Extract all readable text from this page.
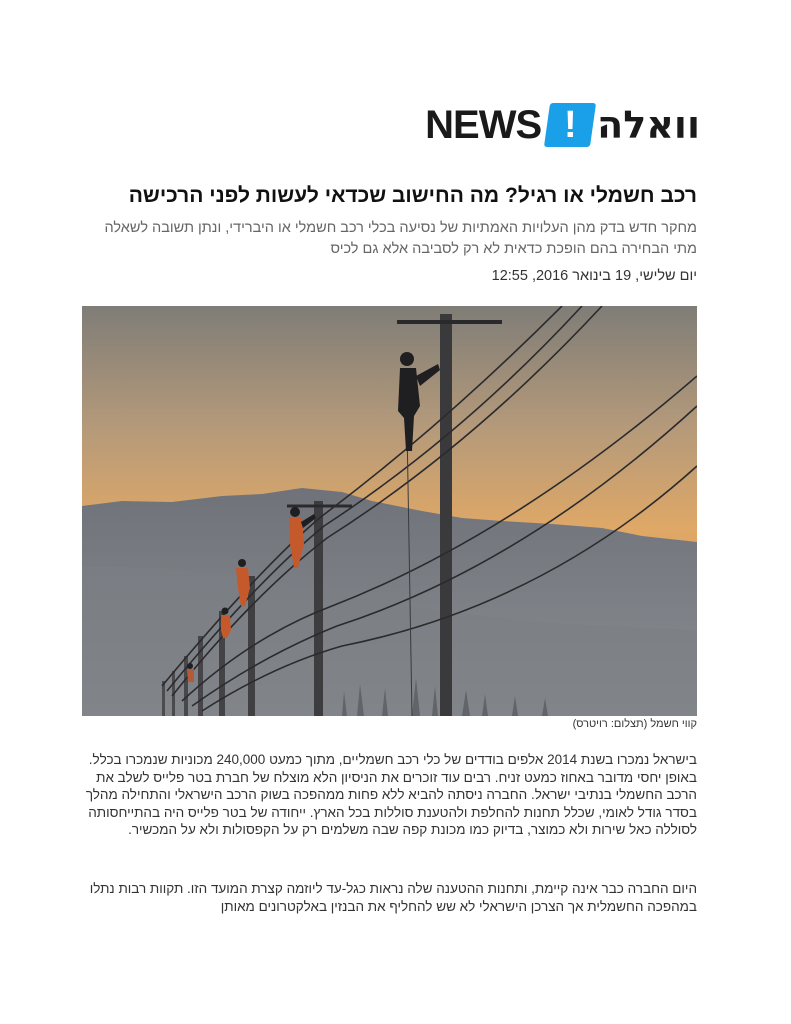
NEWS ! וואלה
רכב חשמלי או רגיל? מה החישוב שכדאי לעשות לפני הרכישה

מחקר חדש בדק מהן העלויות האמתיות של נסיעה בכלי רכב חשמלי או היברידי, ונתן תשובה לשאלה מתי הבחירה בהם הופכת כדאית לא רק לסביבה אלא גם לכיס

יום שלישי, 19 בינואר 2016, 12:55

קווי חשמל (תצלום: רויטרס)

בישראל נמכרו בשנת 2014 אלפים בודדים של כלי רכב חשמליים, מתוך כמעט 240,000 מכוניות שנמכרו בכלל. באופן יחסי מדובר באחוז כמעט זניח. רבים עוד זוכרים את הניסיון הלא מוצלח של חברת בטר פלייס לשלב את הרכב החשמלי בנתיבי ישראל. החברה ניסתה להביא ללא פחות ממהפכה בשוק הרכב הישראלי והתחילה מהלך בסדר גודל לאומי, שכלל תחנות להחלפת ולהטענת סוללות בכל הארץ. ייחודה של בטר פלייס היה בהתייחסותה לסוללה כאל שירות ולא כמוצר, בדיוק כמו מכונת קפה שבה משלמים רק על הקפסולות ולא על המכשיר.

היום החברה כבר אינה קיימת, ותחנות ההטענה שלה נראות כגל-עד ליוזמה קצרת המועד הזו. תקוות רבות נתלו במהפכה החשמלית אך הצרכן הישראלי לא שש להחליף את הבנזין באלקטרונים מאותן
